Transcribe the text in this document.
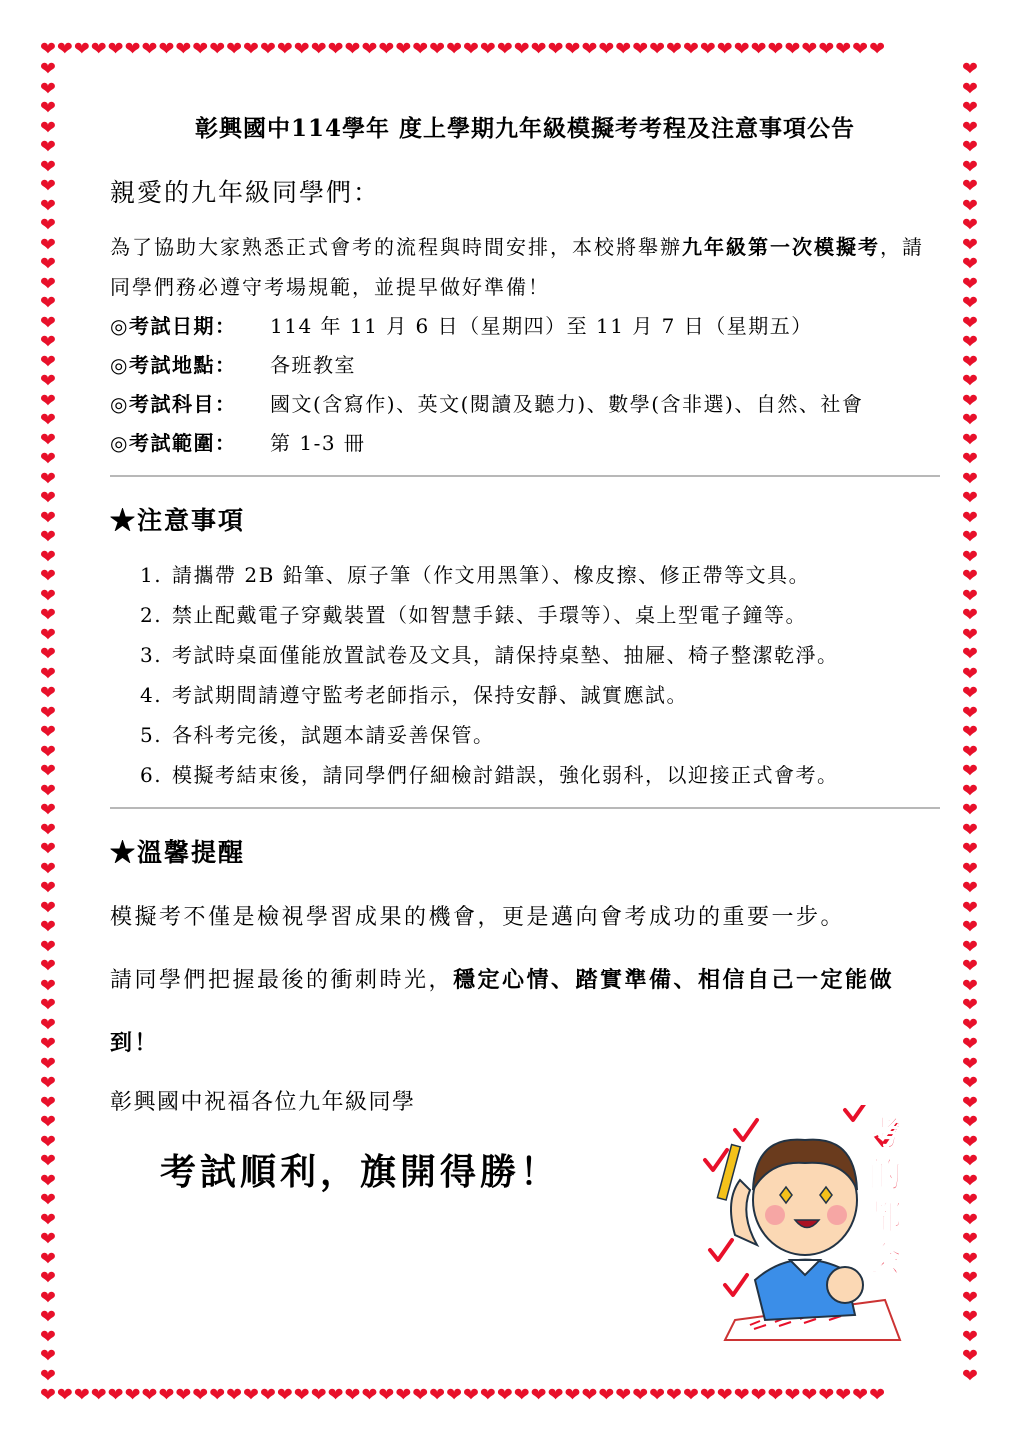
❤❤❤❤❤❤❤❤❤❤❤❤❤❤❤❤❤❤❤❤❤❤❤❤❤❤❤❤❤❤❤❤❤❤❤❤❤❤❤❤❤❤❤❤❤❤❤❤❤❤
❤❤❤❤❤❤❤❤❤❤❤❤❤❤❤❤❤❤❤❤❤❤❤❤❤❤❤❤❤❤❤❤❤❤❤❤❤❤❤❤❤❤❤❤❤❤❤❤❤❤
❤
❤
❤
❤
❤
❤
❤
❤
❤
❤
❤
❤
❤
❤
❤
❤
❤
❤
❤
❤
❤
❤
❤
❤
❤
❤
❤
❤
❤
❤
❤
❤
❤
❤
❤
❤
❤
❤
❤
❤
❤
❤
❤
❤
❤
❤
❤
❤
❤
❤
❤
❤
❤
❤
❤
❤
❤
❤
❤
❤
❤
❤
❤
❤
❤
❤
❤
❤
❤
❤
❤
❤
❤
❤
❤
❤
❤
❤
❤
❤
❤
❤
❤
❤
❤
❤
❤
❤
❤
❤
❤
❤
❤
❤
❤
❤
❤
❤
❤
❤
❤
❤
❤
❤
❤
❤
❤
❤
❤
❤
❤
❤
❤
❤
❤
❤
❤
❤
❤
❤
❤
❤
❤
❤
❤
❤
❤
❤
❤
❤
❤
❤
❤
❤
❤
❤
彰興國中114學年 度上學期九年級模擬考考程及注意事項公告
親愛的九年級同學們：

為了協助大家熟悉正式會考的流程與時間安排，本校將舉辦九年級第一次模擬考，請同學們務必遵守考場規範，並提早做好準備！

◎考試日期：	114 年 11 月 6 日（星期四）至 11 月 7 日（星期五）
◎考試地點：	各班教室
◎考試科目：	國文(含寫作)、英文(閱讀及聽力)、數學(含非選)、自然、社會
◎考試範圍：	第 1-3 冊
★注意事項
1. 請攜帶 2B 鉛筆、原子筆（作文用黑筆）、橡皮擦、修正帶等文具。
2. 禁止配戴電子穿戴裝置（如智慧手錶、手環等）、桌上型電子鐘等。
3. 考試時桌面僅能放置試卷及文具，請保持桌墊、抽屜、椅子整潔乾淨。
4. 考試期間請遵守監考老師指示，保持安靜、誠實應試。
5. 各科考完後，試題本請妥善保管。
6. 模擬考結束後，請同學們仔細檢討錯誤，強化弱科，以迎接正式會考。
★溫馨提醒

模擬考不僅是檢視學習成果的機會，更是邁向會考成功的重要一步。

請同學們把握最後的衝刺時光，穩定心情、踏實準備、相信自己一定能做到！

彰興國中祝福各位九年級同學
考試順利，旗開得勝！
考的都会
